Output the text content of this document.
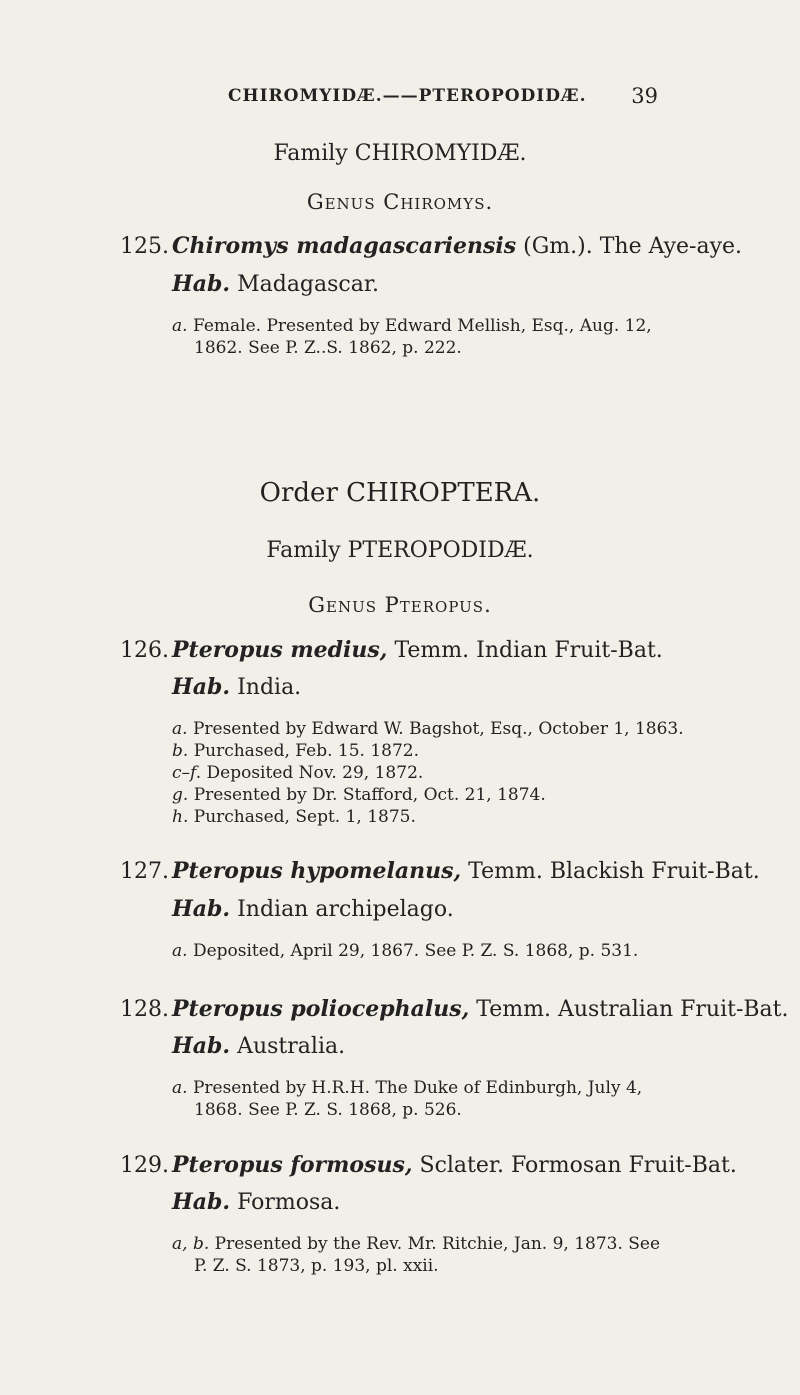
CHIROMYIDÆ.——PTEROPODIDÆ. 39
Family CHIROMYIDÆ.
Genus Chiromys.
125. Chiromys madagascariensis (Gm.). The Aye-aye.
Hab. Madagascar.
a. Female. Presented by Edward Mellish, Esq., Aug. 12,
1862. See P. Z..S. 1862, p. 222.
Order CHIROPTERA.
Family PTEROPODIDÆ.
Genus Pteropus.
126. Pteropus medius, Temm. Indian Fruit-Bat.
Hab. India.
a. Presented by Edward W. Bagshot, Esq., October 1, 1863.
b. Purchased, Feb. 15. 1872.
c–f. Deposited Nov. 29, 1872.
g. Presented by Dr. Stafford, Oct. 21, 1874.
h. Purchased, Sept. 1, 1875.
127. Pteropus hypomelanus, Temm. Blackish Fruit-Bat.
Hab. Indian archipelago.
a. Deposited, April 29, 1867. See P. Z. S. 1868, p. 531.
128. Pteropus poliocephalus, Temm. Australian Fruit-Bat.
Hab. Australia.
a. Presented by H.R.H. The Duke of Edinburgh, July 4,
1868. See P. Z. S. 1868, p. 526.
129. Pteropus formosus, Sclater. Formosan Fruit-Bat.
Hab. Formosa.
a, b. Presented by the Rev. Mr. Ritchie, Jan. 9, 1873. See
P. Z. S. 1873, p. 193, pl. xxii.
